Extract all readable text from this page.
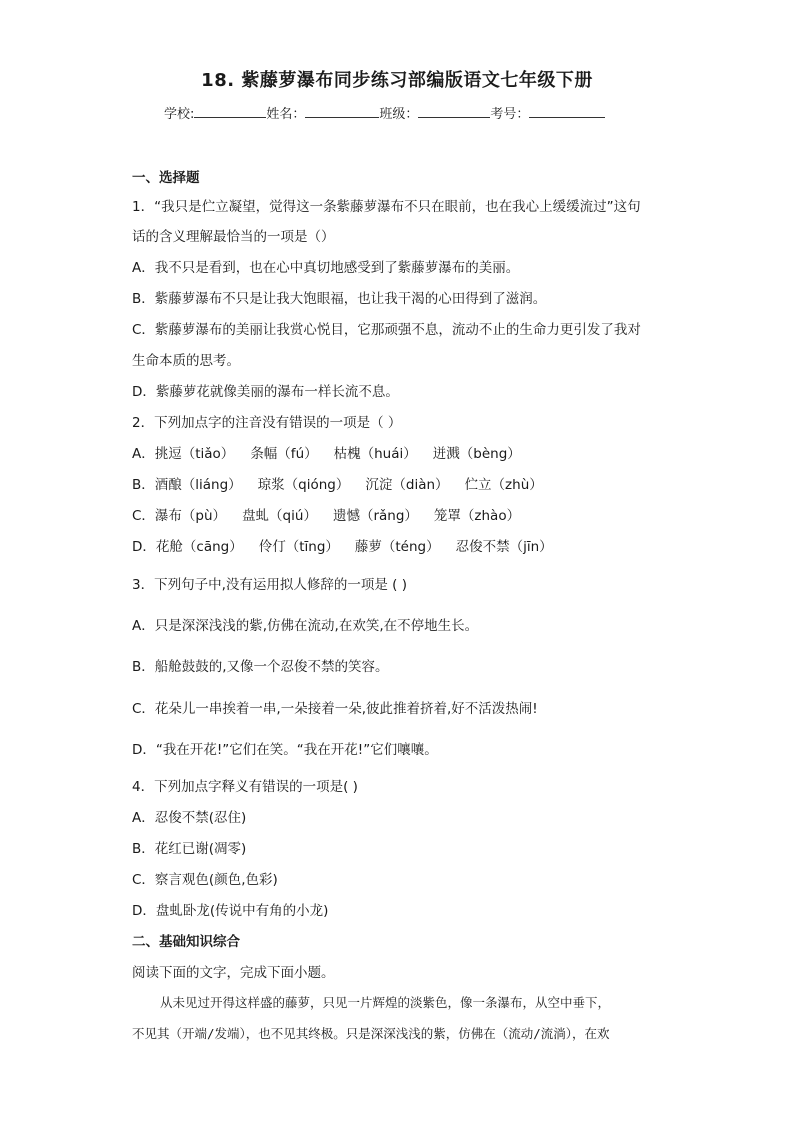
18. 紫藤萝瀑布同步练习部编版语文七年级下册
学校:	姓名：	班级：	考号：
一、选择题
1．“我只是伫立凝望，觉得这一条紫藤萝瀑布不只在眼前，也在我心上缓缓流过”这句
话的含义理解最恰当的一项是（）
A．我不只是看到，也在心中真切地感受到了紫藤萝瀑布的美丽。
B．紫藤萝瀑布不只是让我大饱眼福，也让我干渴的心田得到了滋润。
C．紫藤萝瀑布的美丽让我赏心悦目，它那顽强不息，流动不止的生命力更引发了我对
生命本质的思考。
D．紫藤萝花就像美丽的瀑布一样长流不息。
2．下列加点字的注音没有错误的一项是（ ）
A．挑逗（tiǎo） 条幅（fú） 枯槐（huái） 迸溅（bèng）
B．酒酿（liáng） 琼浆（qióng） 沉淀（diàn） 伫立（zhù）
C．瀑布（pù） 盘虬（qiú） 遗憾（rǎng） 笼罩（zhào）
D．花舱（cāng） 伶仃（tīng） 藤萝（téng） 忍俊不禁（jīn）
3．下列句子中,没有运用拟人修辞的一项是 ( )
A．只是深深浅浅的紫,仿佛在流动,在欢笑,在不停地生长。
B．船舱鼓鼓的,又像一个忍俊不禁的笑容。
C．花朵儿一串挨着一串,一朵接着一朵,彼此推着挤着,好不活泼热闹!
D．“我在开花!”它们在笑。“我在开花!”它们嚷嚷。
4．下列加点字释义有错误的一项是( )
A．忍俊不禁(忍住)
B．花红已谢(凋零)
C．察言观色(颜色,色彩)
D．盘虬卧龙(传说中有角的小龙)
二、基础知识综合
阅读下面的文字，完成下面小题。
从未见过开得这样盛的藤萝，只见一片辉煌的淡紫色，像一条瀑布，从空中垂下，
不见其（开端/发端），也不见其终极。只是深深浅浅的紫，仿佛在（流动/流淌），在欢
